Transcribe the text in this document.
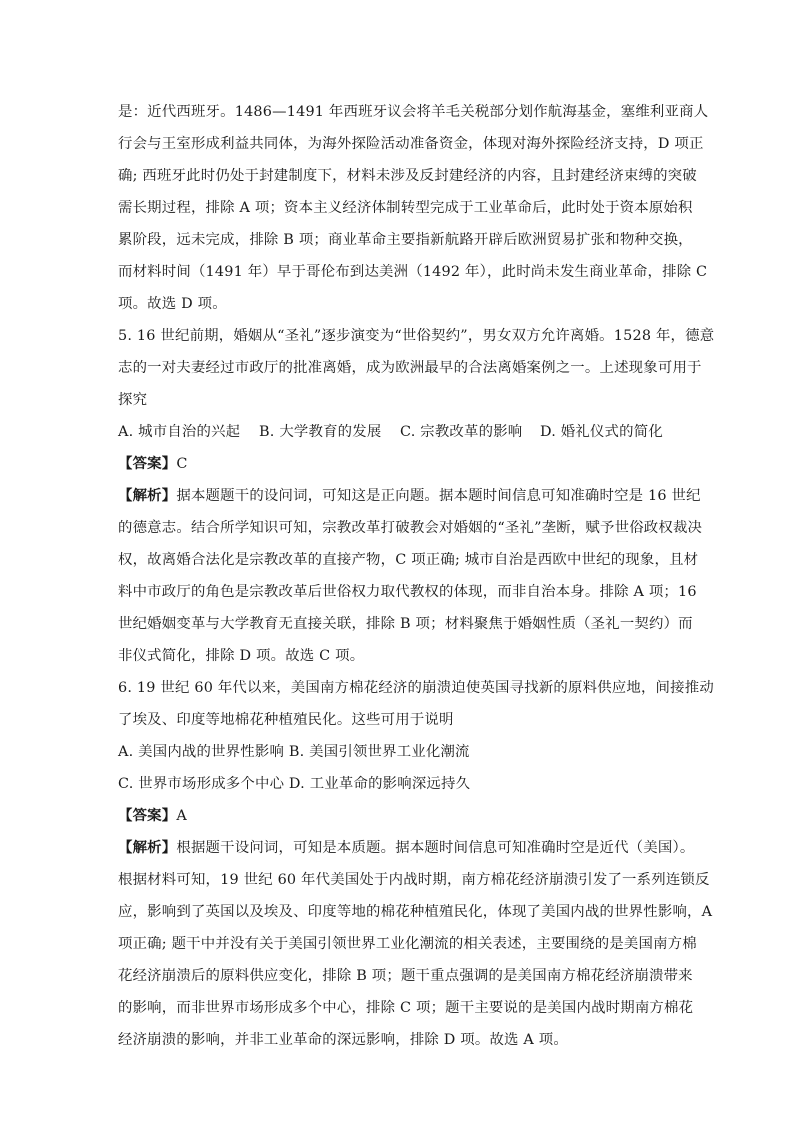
是：近代西班牙。1486—1491 年西班牙议会将羊毛关税部分划作航海基金，塞维利亚商人
行会与王室形成利益共同体，为海外探险活动准备资金，体现对海外探险经济支持，D 项正
确; 西班牙此时仍处于封建制度下，材料未涉及反封建经济的内容，且封建经济束缚的突破
需长期过程，排除 A 项；资本主义经济体制转型完成于工业革命后，此时处于资本原始积
累阶段，远未完成，排除 B 项；商业革命主要指新航路开辟后欧洲贸易扩张和物种交换，
而材料时间（1491 年）早于哥伦布到达美洲（1492 年），此时尚未发生商业革命，排除 C
项。故选 D 项。
5. 16 世纪前期，婚姻从“圣礼”逐步演变为“世俗契约”，男女双方允许离婚。1528 年，德意
志的一对夫妻经过市政厅的批准离婚，成为欧洲最早的合法离婚案例之一。上述现象可用于
探究
A. 城市自治的兴起 B. 大学教育的发展 C. 宗教改革的影响 D. 婚礼仪式的简化
【答案】C
【解析】据本题题干的设问词，可知这是正向题。据本题时间信息可知准确时空是 16 世纪
的德意志。结合所学知识可知，宗教改革打破教会对婚姻的“圣礼”垄断，赋予世俗政权裁决
权，故离婚合法化是宗教改革的直接产物，C 项正确; 城市自治是西欧中世纪的现象，且材
料中市政厅的角色是宗教改革后世俗权力取代教权的体现，而非自治本身。排除 A 项；16
世纪婚姻变革与大学教育无直接关联，排除 B 项；材料聚焦于婚姻性质（圣礼一契约）而
非仪式简化，排除 D 项。故选 C 项。
6. 19 世纪 60 年代以来，美国南方棉花经济的崩溃迫使英国寻找新的原料供应地，间接推动
了埃及、印度等地棉花种植殖民化。这些可用于说明
A. 美国内战的世界性影响 B. 美国引领世界工业化潮流
C. 世界市场形成多个中心 D. 工业革命的影响深远持久
【答案】A
【解析】根据题干设问词，可知是本质题。据本题时间信息可知准确时空是近代（美国）。
根据材料可知，19 世纪 60 年代美国处于内战时期，南方棉花经济崩溃引发了一系列连锁反
应，影响到了英国以及埃及、印度等地的棉花种植殖民化，体现了美国内战的世界性影响，A
项正确; 题干中并没有关于美国引领世界工业化潮流的相关表述，主要围绕的是美国南方棉
花经济崩溃后的原料供应变化，排除 B 项；题干重点强调的是美国南方棉花经济崩溃带来
的影响，而非世界市场形成多个中心，排除 C 项；题干主要说的是美国内战时期南方棉花
经济崩溃的影响，并非工业革命的深远影响，排除 D 项。故选 A 项。
